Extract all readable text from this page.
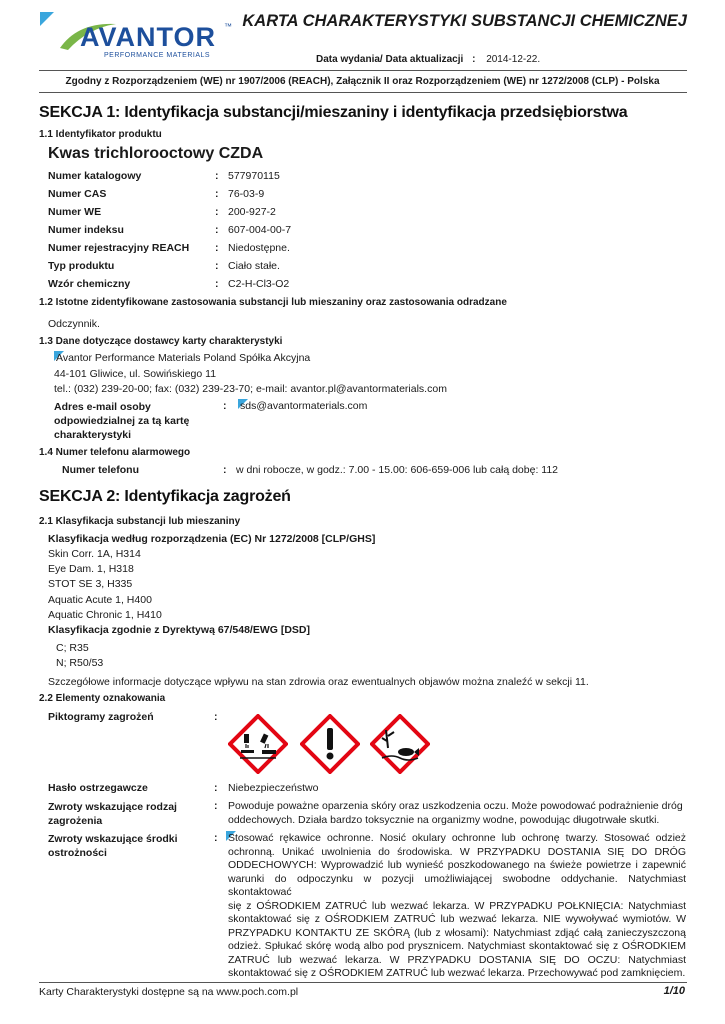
AVANTOR ™
PERFORMANCE MATERIALS
KARTA CHARAKTERYSTYKI SUBSTANCJI CHEMICZNEJ
Data wydania/ Data aktualizacji : 2014-12-22.
Zgodny z Rozporządzeniem (WE) nr 1907/2006 (REACH), Załącznik II oraz Rozporządzeniem (WE) nr 1272/2008 (CLP) - Polska
SEKCJA 1: Identyfikacja substancji/mieszaniny i identyfikacja przedsiębiorstwa
1.1 Identyfikator produktu
Kwas trichlorooctowy CZDA
Numer katalogowy	: 577970115
Numer CAS	: 76-03-9
Numer WE	: 200-927-2
Numer indeksu	: 607-004-00-7
Numer rejestracyjny REACH	: Niedostępne.
Typ produktu	: Ciało stałe.
Wzór chemiczny	: C2-H-Cl3-O2
1.2 Istotne zidentyfikowane zastosowania substancji lub mieszaniny oraz zastosowania odradzane
Odczynnik.
1.3 Dane dotyczące dostawcy karty charakterystyki
Avantor Performance Materials Poland Spółka Akcyjna
44-101 Gliwice, ul. Sowińskiego 11
tel.: (032) 239-20-00; fax: (032) 239-23-70; e-mail: avantor.pl@avantormaterials.com
Adres e-mail osoby
odpowiedzialnej za tą kartę
charakterystyki
: sds@avantormaterials.com
1.4 Numer telefonu alarmowego
Numer telefonu	: w dni robocze, w godz.: 7.00 - 15.00: 606-659-006 lub całą dobę: 112
SEKCJA 2: Identyfikacja zagrożeń
2.1 Klasyfikacja substancji lub mieszaniny
Klasyfikacja według rozporządzenia (EC) Nr 1272/2008 [CLP/GHS]
Skin Corr. 1A, H314
Eye Dam. 1, H318
STOT SE 3, H335
Aquatic Acute 1, H400
Aquatic Chronic 1, H410
Klasyfikacja zgodnie z Dyrektywą 67/548/EWG [DSD]
C; R35
N; R50/53
Szczegółowe informacje dotyczące wpływu na stan zdrowia oraz ewentualnych objawów można znaleźć w sekcji 11.
2.2 Elementy oznakowania
Piktogramy zagrożeń	:
Hasło ostrzegawcze	: Niebezpieczeństwo
Zwroty wskazujące rodzaj
zagrożenia
: Powoduje poważne oparzenia skóry oraz uszkodzenia oczu. Może powodować podrażnienie dróg
oddechowych. Działa bardzo toksycznie na organizmy wodne, powodując długotrwałe skutki.
Zwroty wskazujące środki
ostrożności
: Stosować rękawice ochronne. Nosić okulary ochronne lub ochronę twarzy. Stosować odzież
ochronną. Unikać uwolnienia do środowiska. W PRZYPADKU DOSTANIA SIĘ DO DRÓG
ODDECHOWYCH: Wyprowadzić lub wynieść poszkodowanego na świeże powietrze i zapewnić
warunki do odpoczynku w pozycji umożliwiającej swobodne oddychanie. Natychmiast skontaktować
się z OŚRODKIEM ZATRUĆ lub wezwać lekarza. W PRZYPADKU POŁKNIĘCIA: Natychmiast
skontaktować się z OŚRODKIEM ZATRUĆ lub wezwać lekarza. NIE wywoływać wymiotów. W
PRZYPADKU KONTAKTU ZE SKÓRĄ (lub z włosami): Natychmiast zdjąć całą zanieczyszczoną
odzież. Spłukać skórę wodą albo pod prysznicem. Natychmiast skontaktować się z OŚRODKIEM
ZATRUĆ lub wezwać lekarza. W PRZYPADKU DOSTANIA SIĘ DO OCZU: Natychmiast
skontaktować się z OŚRODKIEM ZATRUĆ lub wezwać lekarza. Przechowywać pod zamknięciem.
Karty Charakterystyki dostępne są na www.poch.com.pl	1/10
